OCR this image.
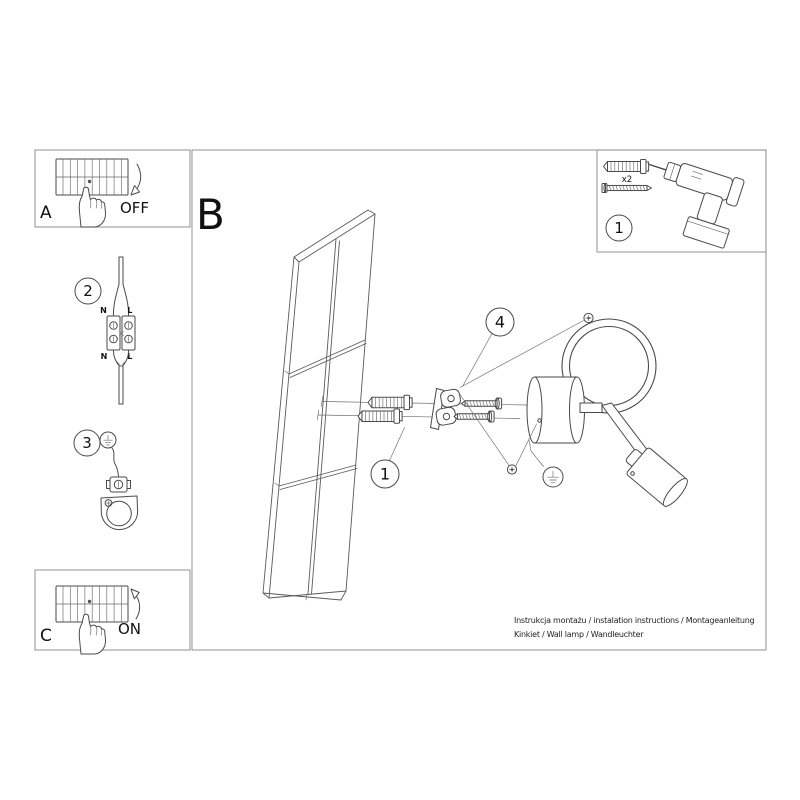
A	B
C
OFF
ON
2
N	L
N L
3
1
4
x2
1
Instrukcja montażu / instalation instructions / Montageanleitung
Kinkiet / Wall lamp / Wandleuchter
